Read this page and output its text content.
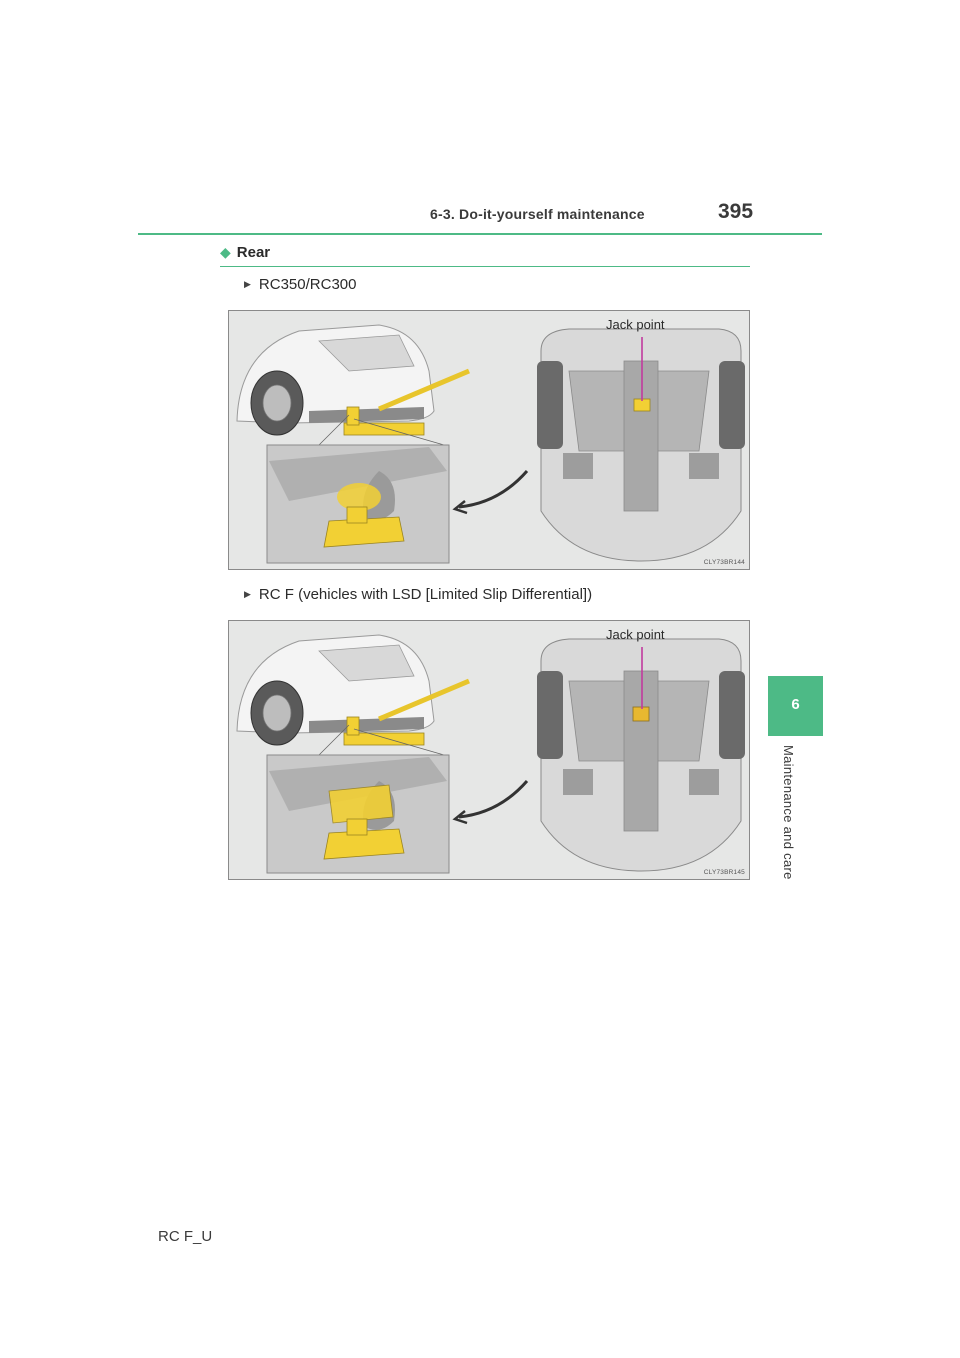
6-3. Do-it-yourself maintenance	395
6
Maintenance and care
◆ Rear
▶ RC350/RC300
Jack point
CLY73BR144
▶ RC F (vehicles with LSD [Limited Slip Differential])
Jack point
CLY73BR145
RC F_U
